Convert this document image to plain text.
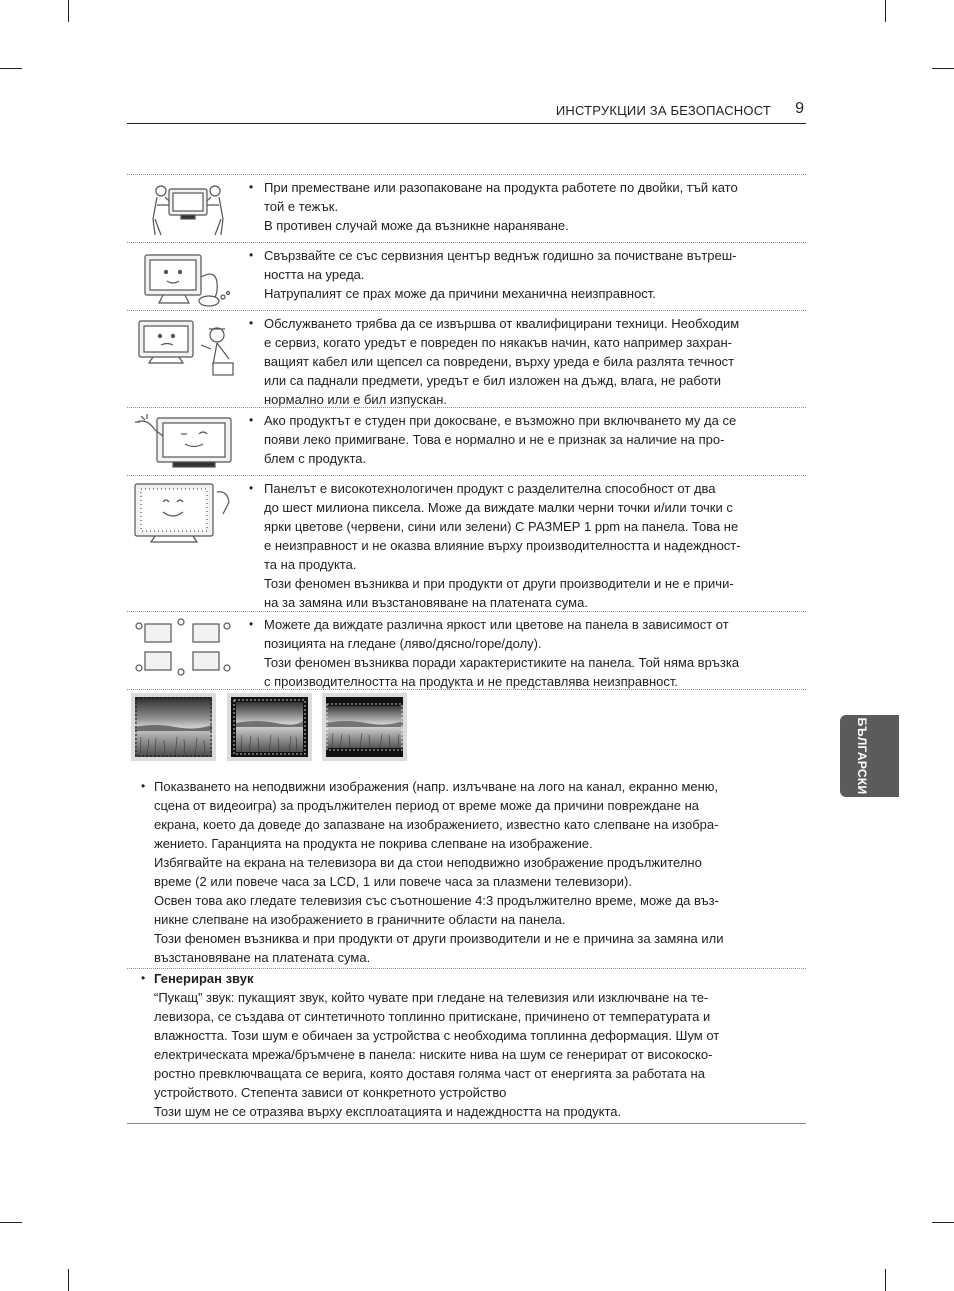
ИНСТРУКЦИИ ЗА БЕЗОПАСНОСТ 9
• При преместване или разопаковане на продукта работете по двойки, тъй като
той е тежък.
В противен случай може да възникне нараняване.
• Свързвайте се със сервизния център веднъж годишно за почистване вътреш-
ността на уреда.
Натрупалият се прах може да причини механична неизправност.
• Обслужването трябва да се извършва от квалифицирани техници. Необходим
е сервиз, когато уредът е повреден по някакъв начин, като например захран-
ващият кабел или щепсел са повредени, върху уреда е била разлята течност
или са паднали предмети, уредът е бил изложен на дъжд, влага, не работи
нормално или е бил изпускан.
• Ако продуктът е студен при докосване, е възможно при включването му да се
появи леко примигване. Това е нормално и не е признак за наличие на про-
блем с продукта.
• Панелът е високотехнологичен продукт с разделителна способност от два
до шест милиона пиксела. Може да виждате малки черни точки и/или точки с
ярки цветове (червени, сини или зелени) С РАЗМЕР 1 ppm на панела. Това не
е неизправност и не оказва влияние върху производителността и надеждност-
та на продукта.
Този феномен възниква и при продукти от други производители и не е причи-
на за замяна или възстановяване на платената сума.
• Можете да виждате различна яркост или цветове на панела в зависимост от
позицията на гледане (ляво/дясно/горе/долу).
Този феномен възниква поради характеристиките на панела. Той няма връзка
с производителността на продукта и не представлява неизправност.
• Показването на неподвижни изображения (напр. излъчване на лого на канал, екранно меню,
сцена от видеоигра) за продължителен период от време може да причини повреждане на
екрана, което да доведе до запазване на изображението, известно като слепване на изобра-
жението. Гаранцията на продукта не покрива слепване на изображение.
Избягвайте на екрана на телевизора ви да стои неподвижно изображение продължително
време (2 или повече часа за LCD, 1 или повече часа за плазмени телевизори).
Освен това ако гледате телевизия със съотношение 4:3 продължително време, може да въз-
никне слепване на изображението в граничните области на панела.
Този феномен възниква и при продукти от други производители и не е причина за замяна или
възстановяване на платената сума.
• Генериран звук
“Пукащ” звук: пукащият звук, който чувате при гледане на телевизия или изключване на те-
левизора, се създава от синтетичното топлинно притискане, причинено от температурата и
влажността. Този шум е обичаен за устройства с необходима топлинна деформация. Шум от
електрическата мрежа/бръмчене в панела: ниските нива на шум се генерират от високоско-
ростно превключващата се верига, която доставя голяма част от енергията за работата на
устройството. Степента зависи от конкретното устройство
Този шум не се отразява върху експлоатацията и надеждността на продукта.
БЪЛГАРСКИ
